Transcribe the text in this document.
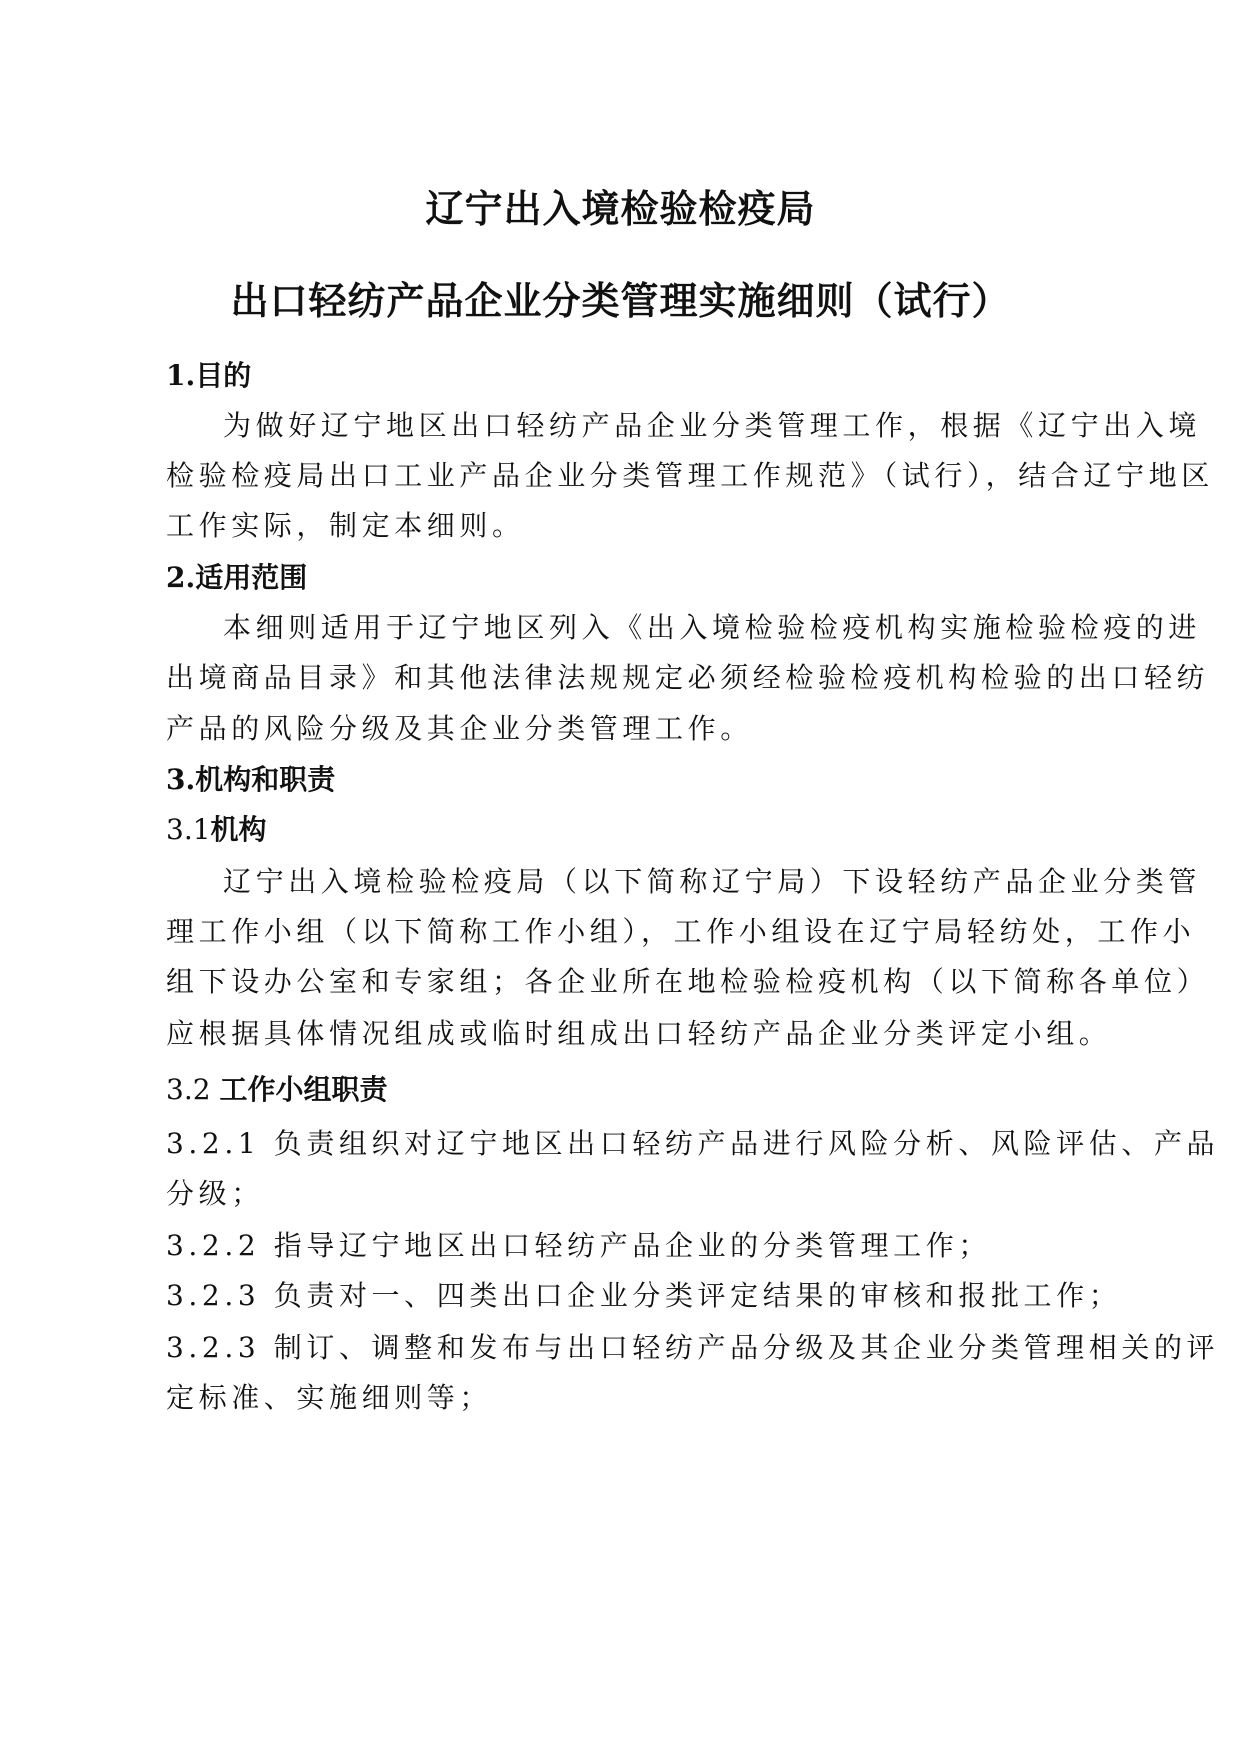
辽宁出入境检验检疫局
出口轻纺产品企业分类管理实施细则（试行）
1.目的
为做好辽宁地区出口轻纺产品企业分类管理工作，根据《辽宁出入境
检验检疫局出口工业产品企业分类管理工作规范》（试行），结合辽宁地区
工作实际，制定本细则。
2.适用范围
本细则适用于辽宁地区列入《出入境检验检疫机构实施检验检疫的进
出境商品目录》和其他法律法规规定必须经检验检疫机构检验的出口轻纺
产品的风险分级及其企业分类管理工作。
3.机构和职责
3.1机构
辽宁出入境检验检疫局（以下简称辽宁局）下设轻纺产品企业分类管
理工作小组（以下简称工作小组），工作小组设在辽宁局轻纺处，工作小
组下设办公室和专家组；各企业所在地检验检疫机构（以下简称各单位）
应根据具体情况组成或临时组成出口轻纺产品企业分类评定小组。
3.2 工作小组职责
3.2.1 负责组织对辽宁地区出口轻纺产品进行风险分析、风险评估、产品
分级；
3.2.2 指导辽宁地区出口轻纺产品企业的分类管理工作；
3.2.3 负责对一、四类出口企业分类评定结果的审核和报批工作；
3.2.3 制订、调整和发布与出口轻纺产品分级及其企业分类管理相关的评
定标准、实施细则等；
